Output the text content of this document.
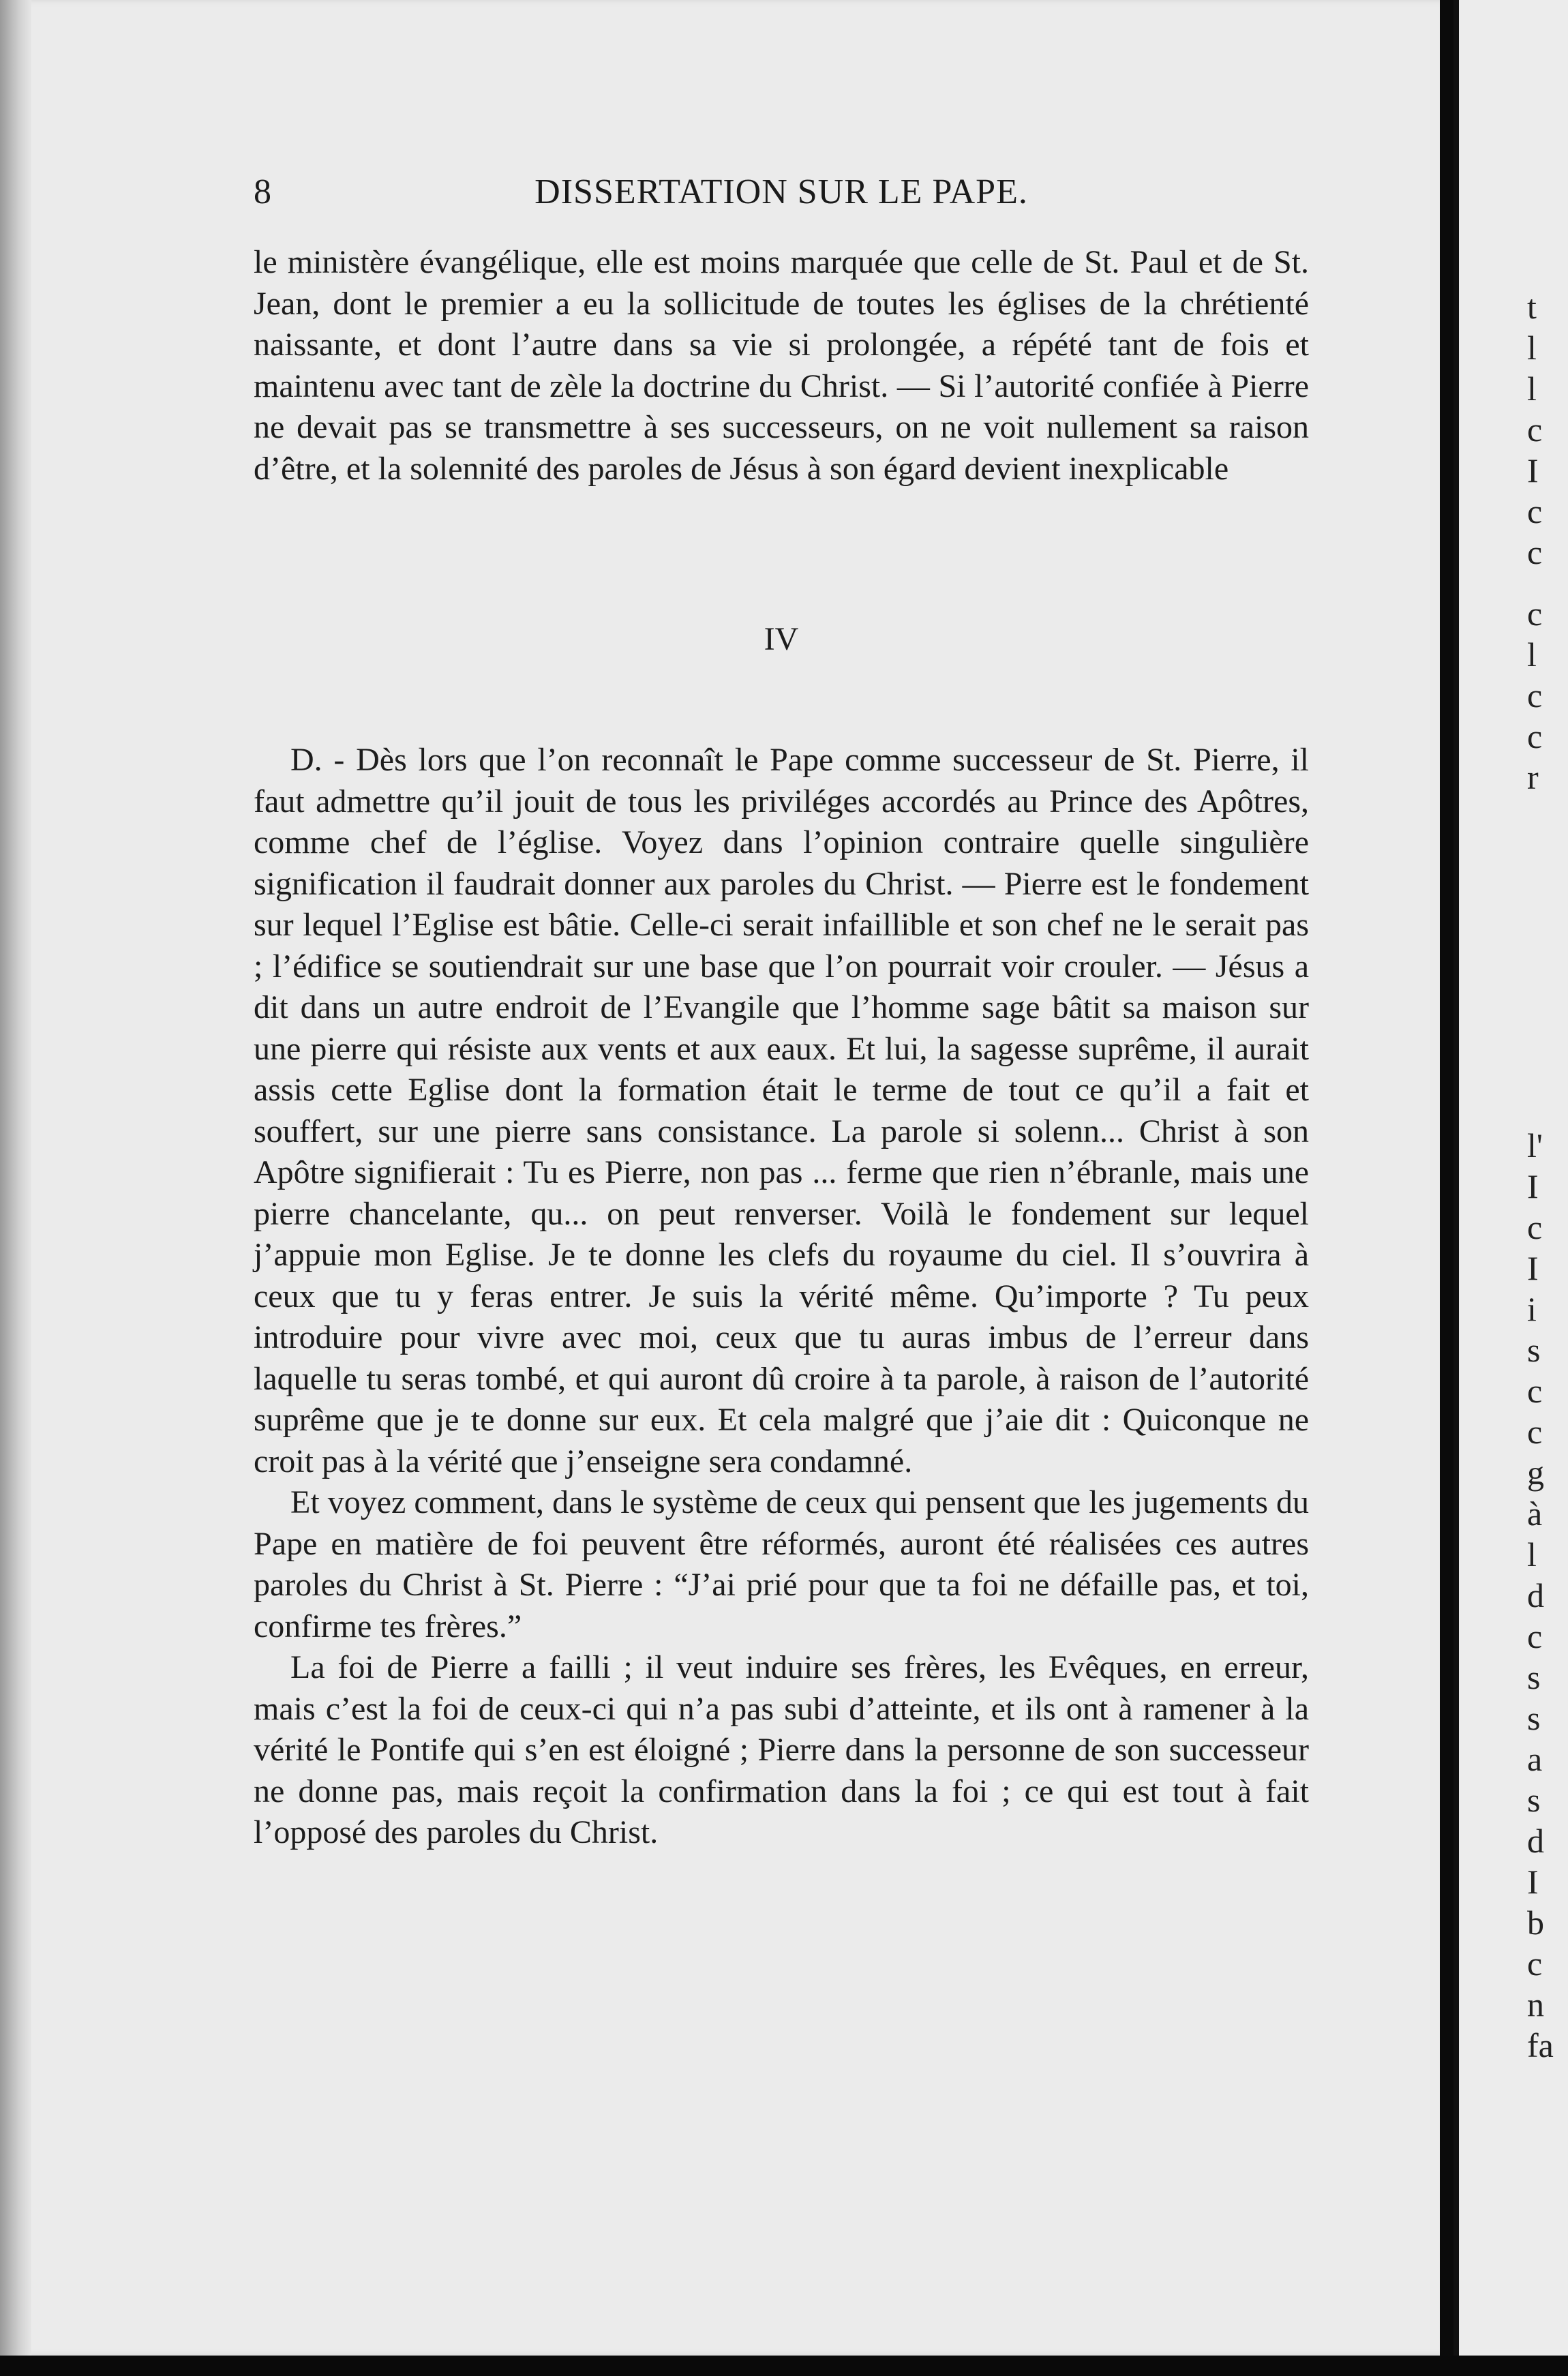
8	DISSERTATION SUR LE PAPE.

le ministère évangélique, elle est moins marquée que celle de St. Paul et de St. Jean, dont le premier a eu la sollicitude de toutes les églises de la chrétienté naissante, et dont l’autre dans sa vie si prolongée, a répété tant de fois et maintenu avec tant de zèle la doctrine du Christ. — Si l’autorité confiée à Pierre ne devait pas se transmettre à ses successeurs, on ne voit nullement sa raison d’être, et la solennité des paroles de Jésus à son égard devient inexplicable

IV

D. - Dès lors que l’on reconnaît le Pape comme successeur de St. Pierre, il faut admettre qu’il jouit de tous les priviléges accordés au Prince des Apôtres, comme chef de l’église. Voyez dans l’opinion contraire quelle singulière signification il faudrait donner aux paroles du Christ. — Pierre est le fondement sur lequel l’Eglise est bâtie. Celle-ci serait infaillible et son chef ne le serait pas ; l’édifice se soutiendrait sur une base que l’on pourrait voir crouler. — Jésus a dit dans un autre endroit de l’Evangile que l’homme sage bâtit sa maison sur une pierre qui résiste aux vents et aux eaux. Et lui, la sagesse suprême, il aurait assis cette Eglise dont la formation était le terme de tout ce qu’il a fait et souffert, sur une pierre sans consistance. La parole si solenn... Christ à son Apôtre signifierait : Tu es Pierre, non pas ... ferme que rien n’ébranle, mais une pierre chancelante, qu... on peut renverser. Voilà le fondement sur lequel j’appuie mon Eglise. Je te donne les clefs du royaume du ciel. Il s’ouvrira à ceux que tu y feras entrer. Je suis la vérité même. Qu’importe ? Tu peux introduire pour vivre avec moi, ceux que tu auras imbus de l’erreur dans laquelle tu seras tombé, et qui auront dû croire à ta parole, à raison de l’autorité suprême que je te donne sur eux. Et cela malgré que j’aie dit : Quiconque ne croit pas à la vérité que j’enseigne sera condamné.

Et voyez comment, dans le système de ceux qui pensent que les jugements du Pape en matière de foi peuvent être réformés, auront été réalisées ces autres paroles du Christ à St. Pierre : “J’ai prié pour que ta foi ne défaille pas, et toi, confirme tes frères.”

La foi de Pierre a failli ; il veut induire ses frères, les Evêques, en erreur, mais c’est la foi de ceux-ci qui n’a pas subi d’atteinte, et ils ont à ramener à la vérité le Pontife qui s’en est éloigné ; Pierre dans la personne de son successeur ne donne pas, mais reçoit la confirmation dans la foi ; ce qui est tout à fait l’opposé des paroles du Christ.

t
l
l
c
I
c
c
c
l
c
c
r
l'
I
c
I
i
s
c
c
g
à
l
d
c
s
s
a
s
d
I
b
c
n
fa
